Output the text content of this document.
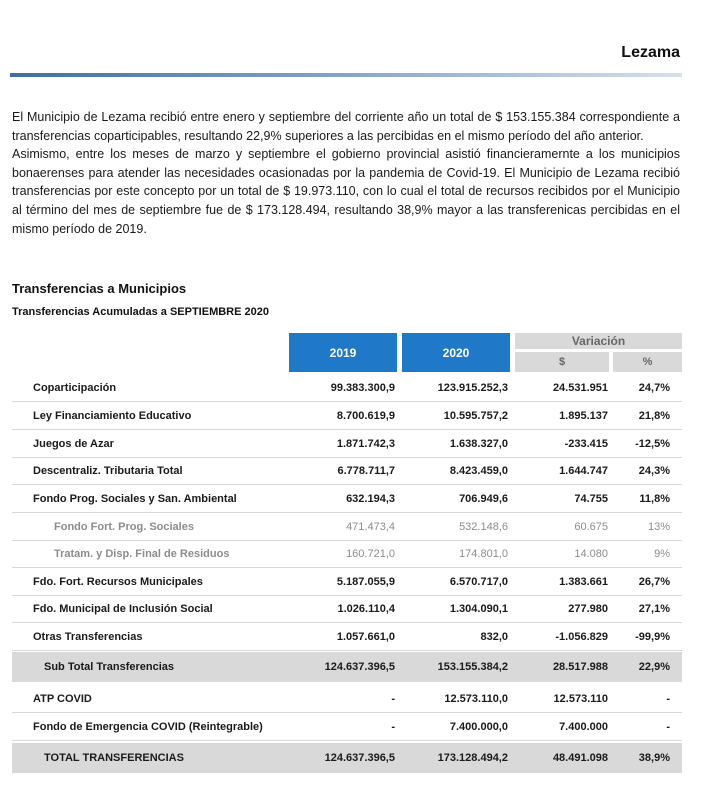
Lezama

El Municipio de Lezama recibió entre enero y septiembre del corriente año un total de $ 153.155.384 correspondiente a transferencias coparticipables, resultando 22,9% superiores a las percibidas en el mismo período del año anterior.

Asimismo, entre los meses de marzo y septiembre el gobierno provincial asistió financieramernte a los municipios bonaerenses para atender las necesidades ocasionadas por la pandemia de Covid-19. El Municipio de Lezama recibió transferencias por este concepto por un total de $ 19.973.110, con lo cual el total de recursos recibidos por el Municipio al término del mes de septiembre fue de $ 173.128.494, resultando 38,9% mayor a las transferenicas percibidas en el mismo período de 2019.

Transferencias a Municipios
Transferencias Acumuladas a SEPTIEMBRE 2020
2019	2020
Variación
$	%
Coparticipación	99.383.300,9	123.915.252,3	24.531.951	24,7%
Ley Financiamiento Educativo	8.700.619,9	10.595.757,2	1.895.137	21,8%
Juegos de Azar	1.871.742,3	1.638.327,0	-233.415	-12,5%
Descentraliz. Tributaria Total	6.778.711,7	8.423.459,0	1.644.747	24,3%
Fondo Prog. Sociales y San. Ambiental	632.194,3	706.949,6	74.755	11,8%
Fondo Fort. Prog. Sociales	471.473,4	532.148,6	60.675	13%
Tratam. y Disp. Final de Residuos	160.721,0	174.801,0	14.080	9%
Fdo. Fort. Recursos Municipales	5.187.055,9	6.570.717,0	1.383.661	26,7%
Fdo. Municipal de Inclusión Social	1.026.110,4	1.304.090,1	277.980	27,1%
Otras Transferencias	1.057.661,0	832,0	-1.056.829	-99,9%
Sub Total Transferencias	124.637.396,5	153.155.384,2	28.517.988	22,9%
ATP COVID	-	12.573.110,0	12.573.110	-
Fondo de Emergencia COVID (Reintegrable)	-	7.400.000,0	7.400.000	-
TOTAL TRANSFERENCIAS	124.637.396,5	173.128.494,2	48.491.098	38,9%
